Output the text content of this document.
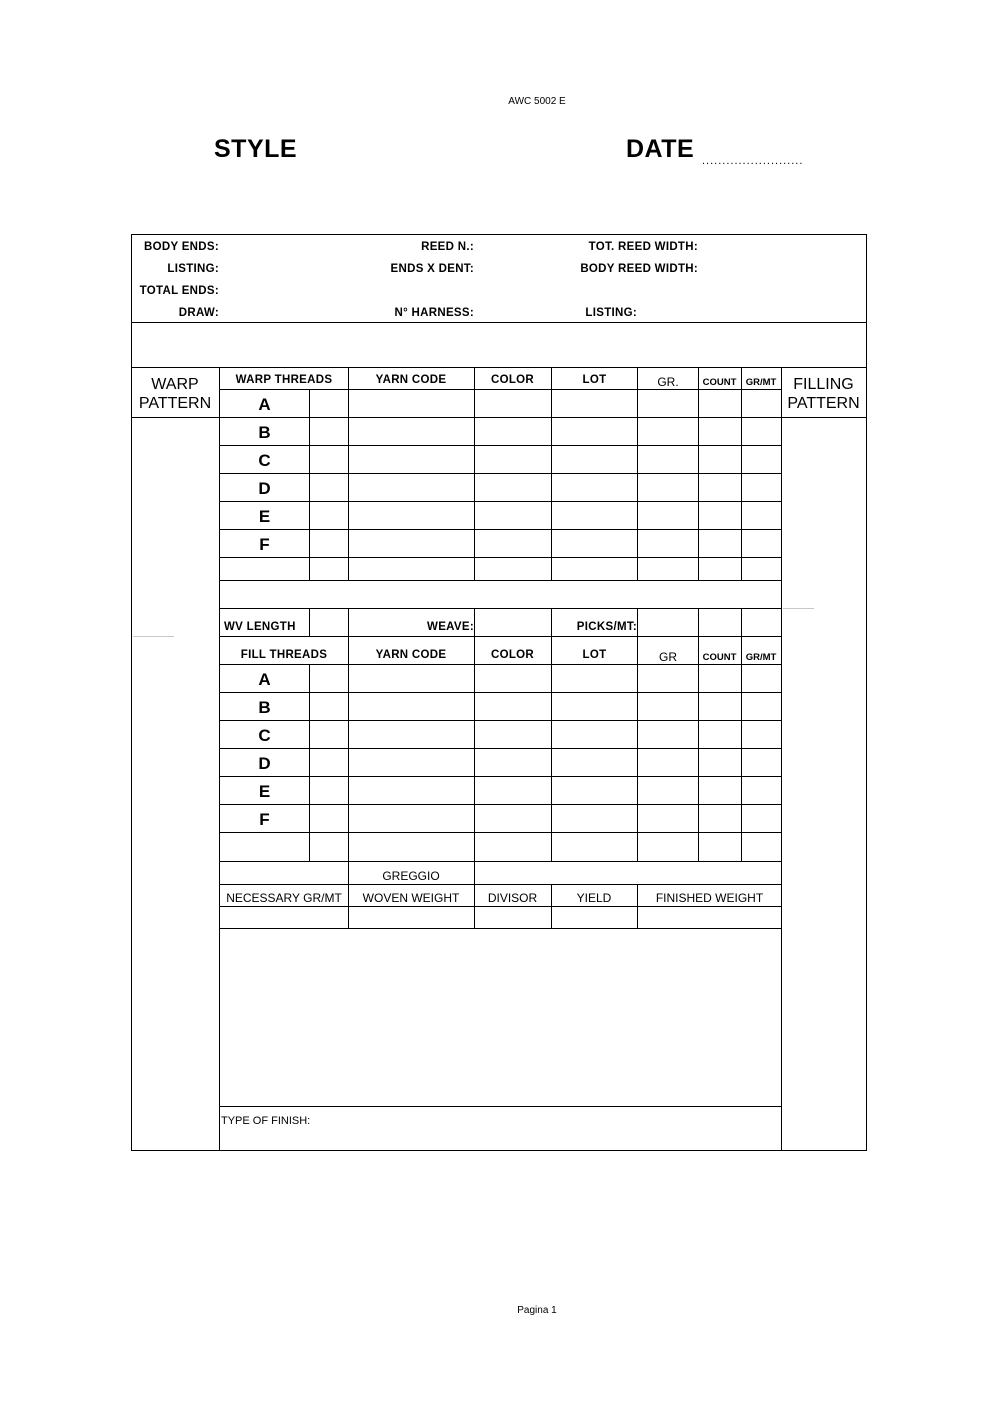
AWC 5002 E
STYLE	DATE .........................
BODY ENDS:
LISTING:
TOTAL ENDS:
DRAW:
REED N.:
ENDS X DENT:
N° HARNESS:
TOT. REED WIDTH:
BODY REED WIDTH:
LISTING:
WARP PATTERN
FILLING PATTERN
WARP THREADS	YARN CODE	COLOR	LOT	GR.	COUNT GR/MT
A
B
C
D
E
F
WV LENGTH	WEAVE:	PICKS/MT:
FILL THREADS	YARN CODE	COLOR	LOT	GR	COUNT GR/MT
A
B
C
D
E
F
GREGGIO
NECESSARY GR/MT	WOVEN WEIGHT	DIVISOR	YIELD	FINISHED WEIGHT
TYPE OF FINISH:
Pagina 1
